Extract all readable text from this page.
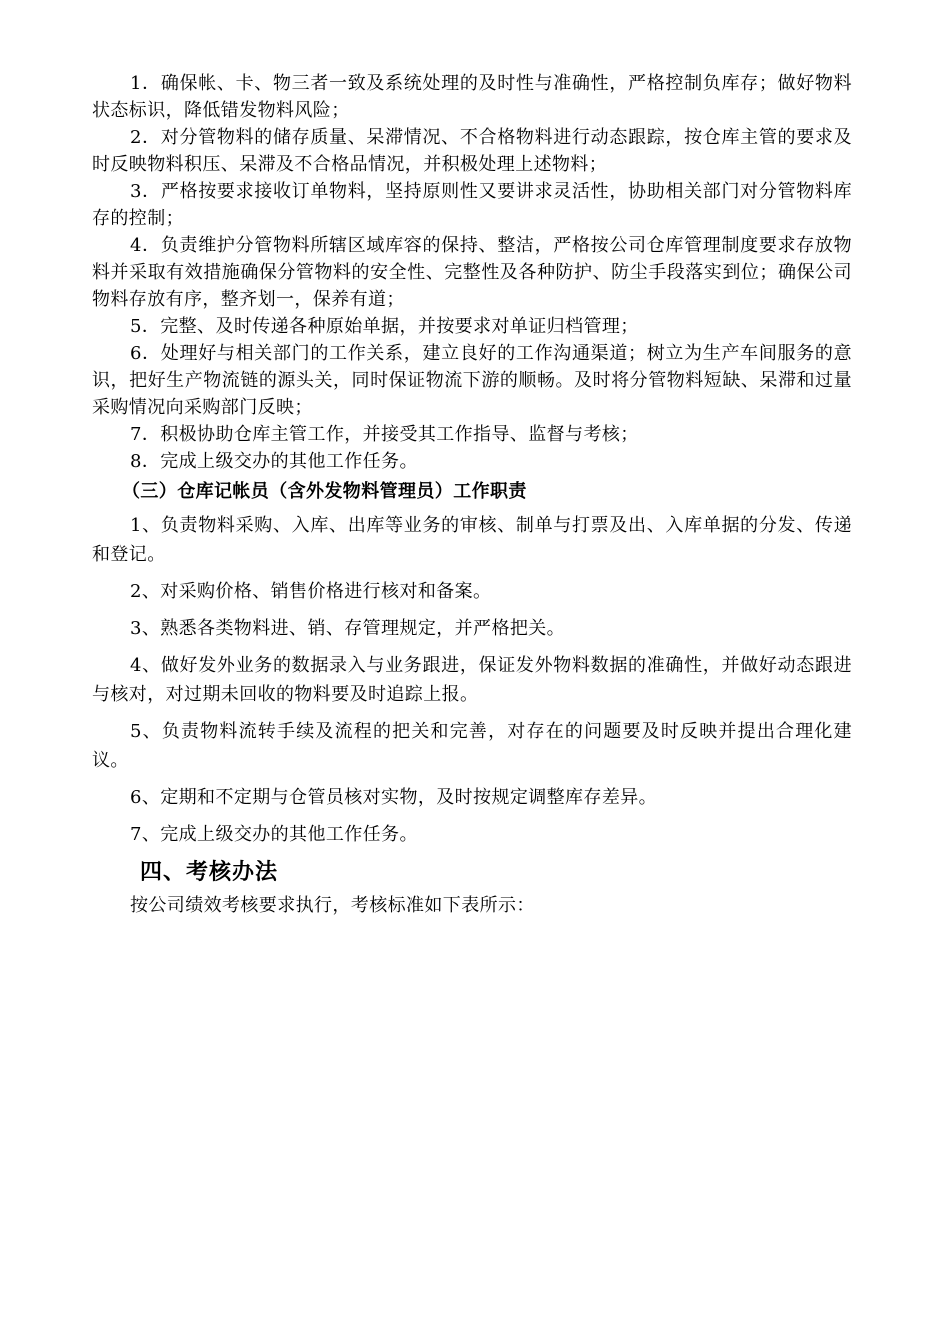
1．确保帐、卡、物三者一致及系统处理的及时性与准确性，严格控制负库存；做好物料状态标识，降低错发物料风险；

2．对分管物料的储存质量、呆滞情况、不合格物料进行动态跟踪，按仓库主管的要求及时反映物料积压、呆滞及不合格品情况，并积极处理上述物料；

3．严格按要求接收订单物料，坚持原则性又要讲求灵活性，协助相关部门对分管物料库存的控制；

4．负责维护分管物料所辖区域库容的保持、整洁，严格按公司仓库管理制度要求存放物料并采取有效措施确保分管物料的安全性、完整性及各种防护、防尘手段落实到位；确保公司物料存放有序，整齐划一，保养有道；

5．完整、及时传递各种原始单据，并按要求对单证归档管理；

6．处理好与相关部门的工作关系，建立良好的工作沟通渠道；树立为生产车间服务的意识，把好生产物流链的源头关，同时保证物流下游的顺畅。及时将分管物料短缺、呆滞和过量采购情况向采购部门反映；

7．积极协助仓库主管工作，并接受其工作指导、监督与考核；

8．完成上级交办的其他工作任务。

（三）仓库记帐员（含外发物料管理员）工作职责

1、负责物料采购、入库、出库等业务的审核、制单与打票及出、入库单据的分发、传递和登记。

2、对采购价格、销售价格进行核对和备案。

3、熟悉各类物料进、销、存管理规定，并严格把关。

4、做好发外业务的数据录入与业务跟进，保证发外物料数据的准确性，并做好动态跟进与核对，对过期未回收的物料要及时追踪上报。

5、负责物料流转手续及流程的把关和完善，对存在的问题要及时反映并提出合理化建议。

6、定期和不定期与仓管员核对实物，及时按规定调整库存差异。

7、完成上级交办的其他工作任务。

四、考核办法

按公司绩效考核要求执行，考核标准如下表所示：
